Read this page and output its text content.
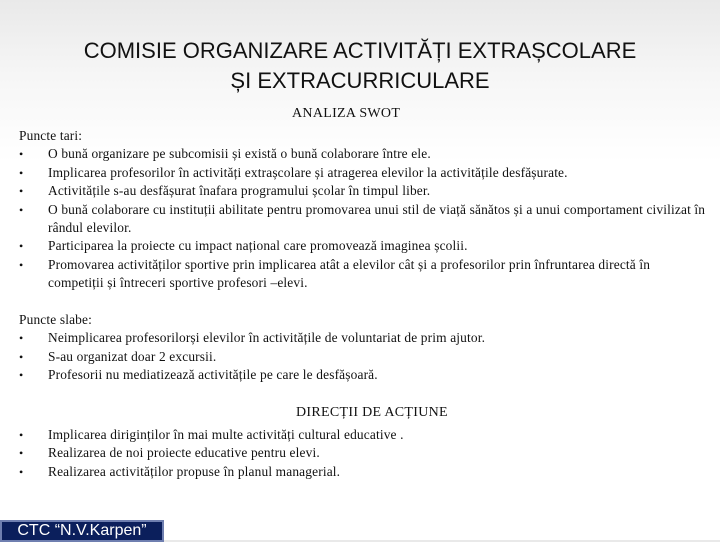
COMISIE ORGANIZARE ACTIVITĂȚI EXTRAȘCOLARE
ȘI EXTRACURRICULARE
ANALIZA SWOT

Puncte tari:

• O bună organizare pe subcomisii și există o bună colaborare între ele.
• Implicarea profesorilor în activități extrașcolare și atragerea elevilor la activitățile desfășurate.
• Activitățile s-au desfășurat înafara programului școlar în timpul liber.
• O bună colaborare cu instituții abilitate pentru promovarea unui stil de viață sănătos și a unui comportament civilizat în rândul elevilor.
• Participarea la proiecte cu impact național care promovează imaginea școlii.
• Promovarea activităților sportive prin implicarea atât a elevilor cât și a profesorilor prin înfruntarea directă în competiții și întreceri sportive profesori –elevi.

Puncte slabe:

• Neimplicarea profesorilorși elevilor în activitățile de voluntariat de prim ajutor.
• S-au organizat doar 2 excursii.
• Profesorii nu mediatizează activitățile pe care le desfășoară.
DIRECȚII DE ACȚIUNE
• Implicarea diriginților în mai multe activități cultural educative .
• Realizarea de noi proiecte educative pentru elevi.
• Realizarea activităților propuse în planul managerial.
CTC “N.V.Karpen”
